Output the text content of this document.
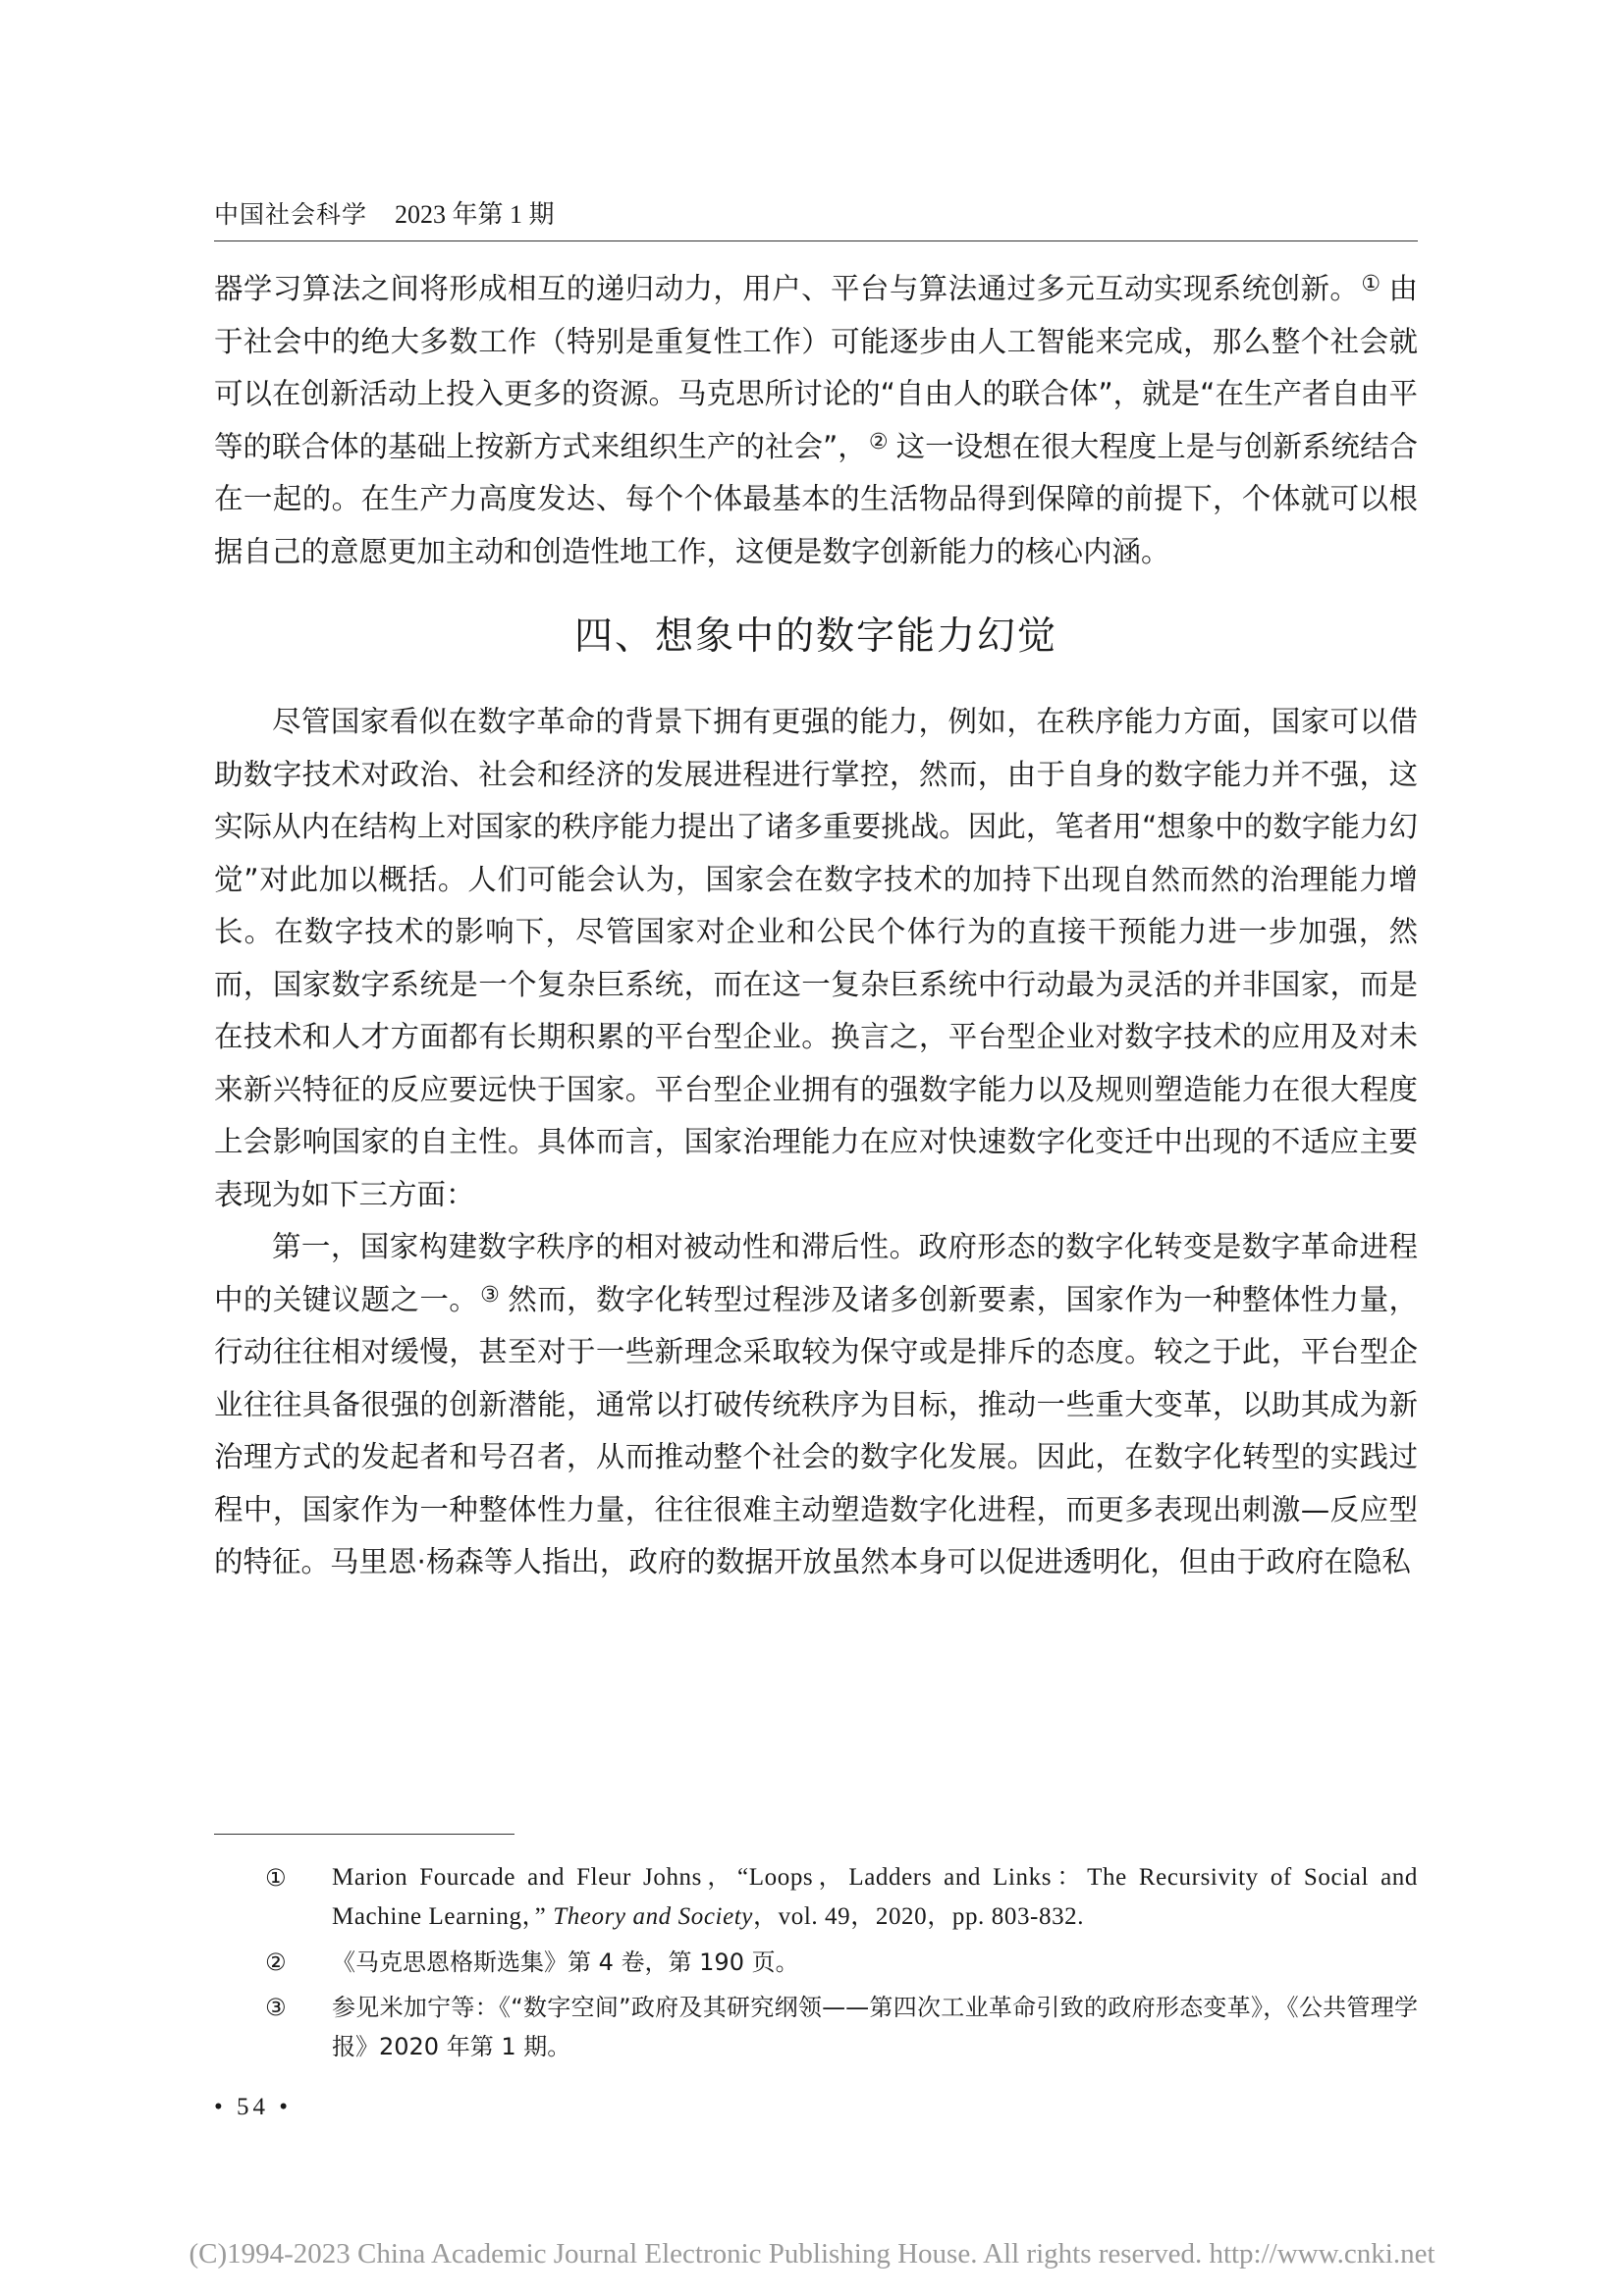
中国社会科学 2023 年第 1 期

器学习算法之间将形成相互的递归动力，用户、平台与算法通过多元互动实现系统创新。① 由于社会中的绝大多数工作（特别是重复性工作）可能逐步由人工智能来完成，那么整个社会就可以在创新活动上投入更多的资源。马克思所讨论的“自由人的联合体”，就是“在生产者自由平等的联合体的基础上按新方式来组织生产的社会”，② 这一设想在很大程度上是与创新系统结合在一起的。在生产力高度发达、每个个体最基本的生活物品得到保障的前提下，个体就可以根据自己的意愿更加主动和创造性地工作，这便是数字创新能力的核心内涵。

四、想象中的数字能力幻觉

尽管国家看似在数字革命的背景下拥有更强的能力，例如，在秩序能力方面，国家可以借助数字技术对政治、社会和经济的发展进程进行掌控，然而，由于自身的数字能力并不强，这实际从内在结构上对国家的秩序能力提出了诸多重要挑战。因此，笔者用“想象中的数字能力幻觉”对此加以概括。人们可能会认为，国家会在数字技术的加持下出现自然而然的治理能力增长。在数字技术的影响下，尽管国家对企业和公民个体行为的直接干预能力进一步加强，然而，国家数字系统是一个复杂巨系统，而在这一复杂巨系统中行动最为灵活的并非国家，而是在技术和人才方面都有长期积累的平台型企业。换言之，平台型企业对数字技术的应用及对未来新兴特征的反应要远快于国家。平台型企业拥有的强数字能力以及规则塑造能力在很大程度上会影响国家的自主性。具体而言，国家治理能力在应对快速数字化变迁中出现的不适应主要表现为如下三方面：

第一，国家构建数字秩序的相对被动性和滞后性。政府形态的数字化转变是数字革命进程中的关键议题之一。③ 然而，数字化转型过程涉及诸多创新要素，国家作为一种整体性力量，行动往往相对缓慢，甚至对于一些新理念采取较为保守或是排斥的态度。较之于此，平台型企业往往具备很强的创新潜能，通常以打破传统秩序为目标，推动一些重大变革，以助其成为新治理方式的发起者和号召者，从而推动整个社会的数字化发展。因此，在数字化转型的实践过程中，国家作为一种整体性力量，往往很难主动塑造数字化进程，而更多表现出刺激—反应型的特征。马里恩·杨森等人指出，政府的数据开放虽然本身可以促进透明化，但由于政府在隐私

①	Marion Fourcade and Fleur Johns，“Loops，Ladders and Links：The Recursivity of Social and Machine Learning，” Theory and Society，vol. 49，2020，pp. 803-832.
②	《马克思恩格斯选集》第 4 卷，第 190 页。
③	参见米加宁等：《“数字空间”政府及其研究纲领——第四次工业革命引致的政府形态变革》，《公共管理学报》2020 年第 1 期。
• 54 •
(C)1994-2023 China Academic Journal Electronic Publishing House. All rights reserved. http://www.cnki.net
